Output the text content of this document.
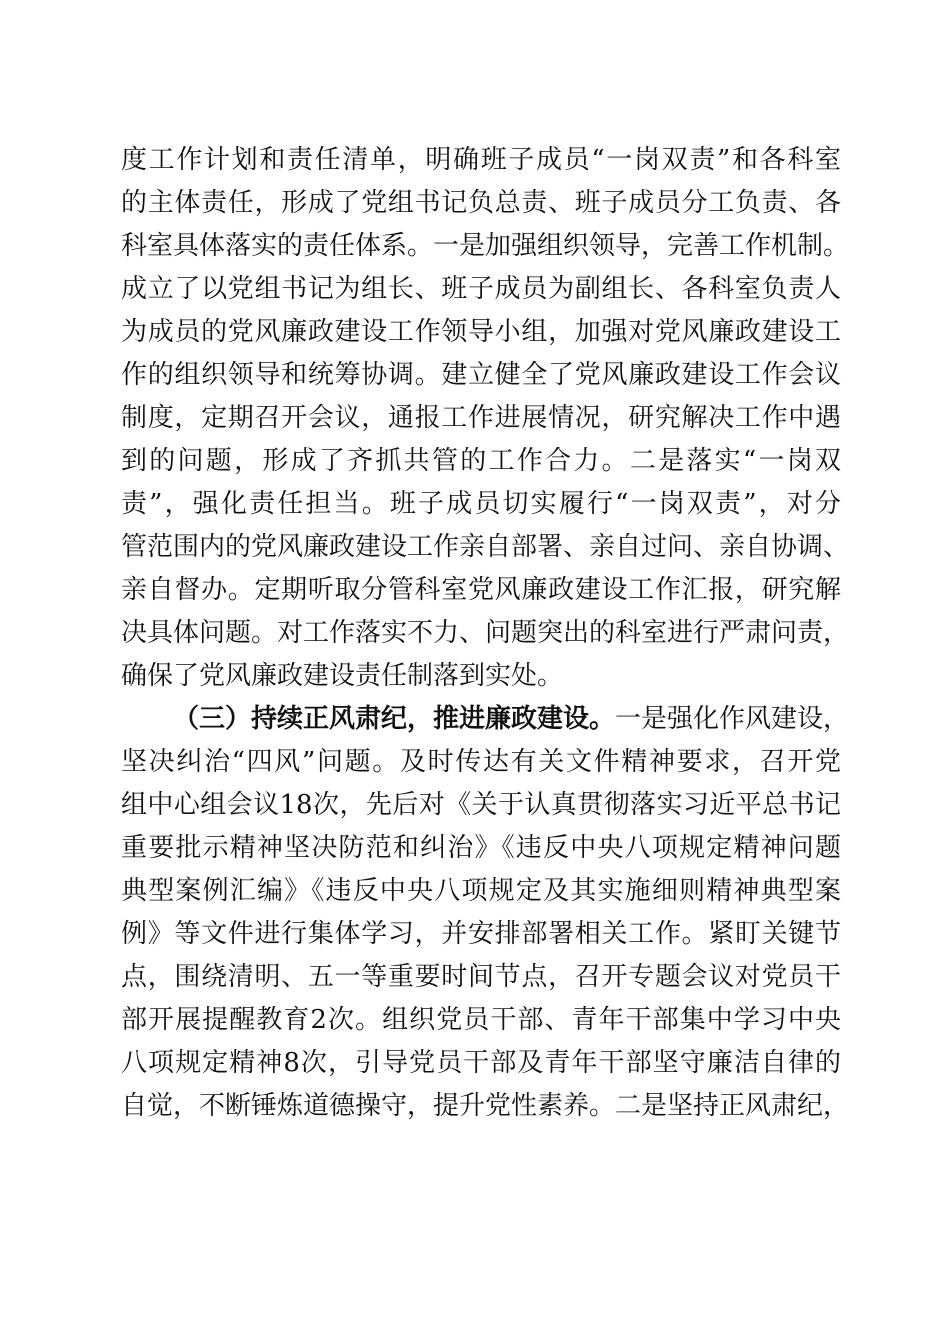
度工作计划和责任清单，明确班子成员“一岗双责”和各科室
的主体责任，形成了党组书记负总责、班子成员分工负责、各
科室具体落实的责任体系。一是加强组织领导，完善工作机制。
成立了以党组书记为组长、班子成员为副组长、各科室负责人
为成员的党风廉政建设工作领导小组，加强对党风廉政建设工
作的组织领导和统筹协调。建立健全了党风廉政建设工作会议
制度，定期召开会议，通报工作进展情况，研究解决工作中遇
到的问题，形成了齐抓共管的工作合力。二是落实“一岗双
责”，强化责任担当。班子成员切实履行“一岗双责”，对分
管范围内的党风廉政建设工作亲自部署、亲自过问、亲自协调、
亲自督办。定期听取分管科室党风廉政建设工作汇报，研究解
决具体问题。对工作落实不力、问题突出的科室进行严肃问责，
确保了党风廉政建设责任制落到实处。
（三）持续正风肃纪，推进廉政建设。一是强化作风建设，
坚决纠治“四风”问题。及时传达有关文件精神要求，召开党
组中心组会议18次，先后对《关于认真贯彻落实习近平总书记
重要批示精神坚决防范和纠治》《违反中央八项规定精神问题
典型案例汇编》《违反中央八项规定及其实施细则精神典型案
例》等文件进行集体学习，并安排部署相关工作。紧盯关键节
点，围绕清明、五一等重要时间节点，召开专题会议对党员干
部开展提醒教育2次。组织党员干部、青年干部集中学习中央
八项规定精神8次，引导党员干部及青年干部坚守廉洁自律的
自觉，不断锤炼道德操守，提升党性素养。二是坚持正风肃纪，
